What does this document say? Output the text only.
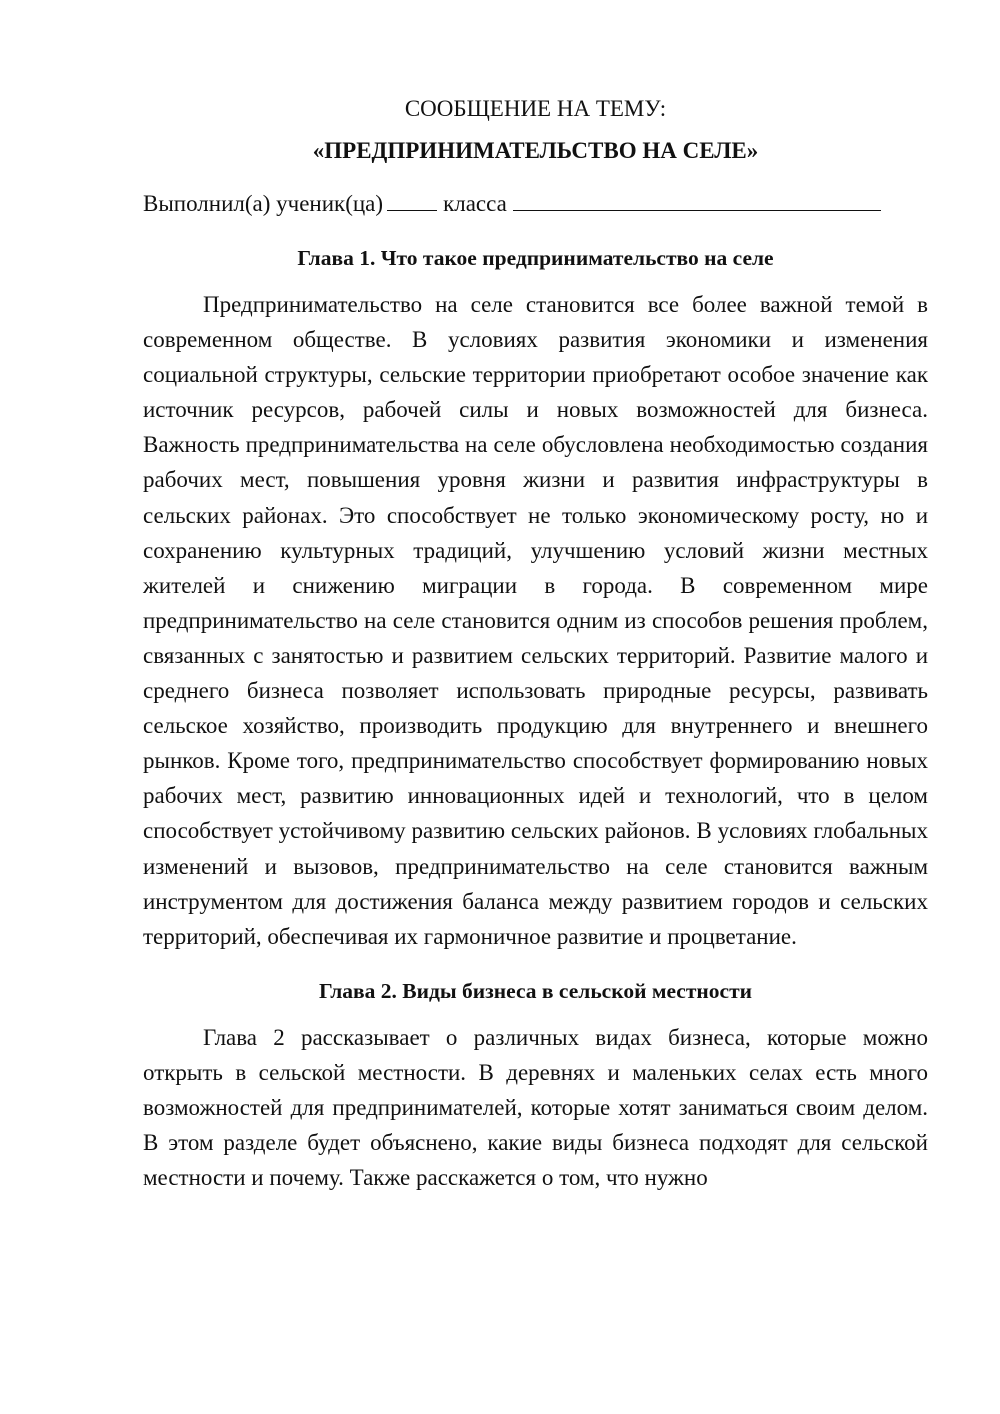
СООБЩЕНИЕ НА ТЕМУ:

«ПРЕДПРИНИМАТЕЛЬСТВО НА СЕЛЕ»

Выполнил(а) ученик(ца)	класса
Глава 1. Что такое предпринимательство на селе

Предпринимательство на селе становится все более важной темой в современном обществе. В условиях развития экономики и изменения социальной структуры, сельские территории приобретают особое значение как источник ресурсов, рабочей силы и новых возможностей для бизнеса. Важность предпринимательства на селе обусловлена необходимостью создания рабочих мест, повышения уровня жизни и развития инфраструктуры в сельских районах. Это способствует не только экономическому росту, но и сохранению культурных традиций, улучшению условий жизни местных жителей и снижению миграции в города. В современном мире предпринимательство на селе становится одним из способов решения проблем, связанных с занятостью и развитием сельских территорий. Развитие малого и среднего бизнеса позволяет использовать природные ресурсы, развивать сельское хозяйство, производить продукцию для внутреннего и внешнего рынков. Кроме того, предпринимательство способствует формированию новых рабочих мест, развитию инновационных идей и технологий, что в целом способствует устойчивому развитию сельских районов. В условиях глобальных изменений и вызовов, предпринимательство на селе становится важным инструментом для достижения баланса между развитием городов и сельских территорий, обеспечивая их гармоничное развитие и процветание.

Глава 2. Виды бизнеса в сельской местности

Глава 2 рассказывает о различных видах бизнеса, которые можно открыть в сельской местности. В деревнях и маленьких селах есть много возможностей для предпринимателей, которые хотят заниматься своим делом. В этом разделе будет объяснено, какие виды бизнеса подходят для сельской местности и почему. Также расскажется о том, что нужно
